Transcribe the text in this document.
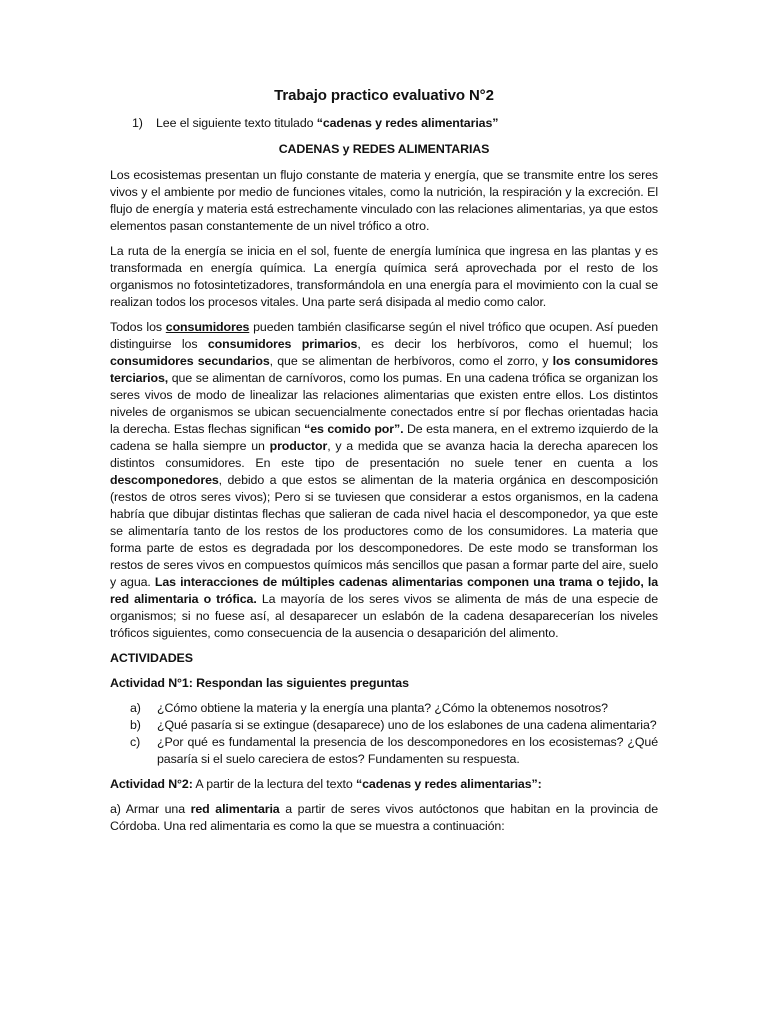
Trabajo practico evaluativo N°2
1) Lee el siguiente texto titulado “cadenas y redes alimentarias”
CADENAS y REDES ALIMENTARIAS

Los ecosistemas presentan un flujo constante de materia y energía, que se transmite entre los seres vivos y el ambiente por medio de funciones vitales, como la nutrición, la respiración y la excreción. El flujo de energía y materia está estrechamente vinculado con las relaciones alimentarias, ya que estos elementos pasan constantemente de un nivel trófico a otro.

La ruta de la energía se inicia en el sol, fuente de energía lumínica que ingresa en las plantas y es transformada en energía química. La energía química será aprovechada por el resto de los organismos no fotosintetizadores, transformándola en una energía para el movimiento con la cual se realizan todos los procesos vitales. Una parte será disipada al medio como calor.

Todos los consumidores pueden también clasificarse según el nivel trófico que ocupen. Así pueden distinguirse los consumidores primarios, es decir los herbívoros, como el huemul; los consumidores secundarios, que se alimentan de herbívoros, como el zorro, y los consumidores terciarios, que se alimentan de carnívoros, como los pumas. En una cadena trófica se organizan los seres vivos de modo de linealizar las relaciones alimentarias que existen entre ellos. Los distintos niveles de organismos se ubican secuencialmente conectados entre sí por flechas orientadas hacia la derecha. Estas flechas significan “es comido por”. De esta manera, en el extremo izquierdo de la cadena se halla siempre un productor, y a medida que se avanza hacia la derecha aparecen los distintos consumidores. En este tipo de presentación no suele tener en cuenta a los descomponedores, debido a que estos se alimentan de la materia orgánica en descomposición (restos de otros seres vivos); Pero si se tuviesen que considerar a estos organismos, en la cadena habría que dibujar distintas flechas que salieran de cada nivel hacia el descomponedor, ya que este se alimentaría tanto de los restos de los productores como de los consumidores. La materia que forma parte de estos es degradada por los descomponedores. De este modo se transforman los restos de seres vivos en compuestos químicos más sencillos que pasan a formar parte del aire, suelo y agua. Las interacciones de múltiples cadenas alimentarias componen una trama o tejido, la red alimentaria o trófica. La mayoría de los seres vivos se alimenta de más de una especie de organismos; si no fuese así, al desaparecer un eslabón de la cadena desaparecerían los niveles tróficos siguientes, como consecuencia de la ausencia o desaparición del alimento.

ACTIVIDADES
Actividad N°1: Respondan las siguientes preguntas
a) ¿Cómo obtiene la materia y la energía una planta? ¿Cómo la obtenemos nosotros?
b) ¿Qué pasaría si se extingue (desaparece) uno de los eslabones de una cadena alimentaria?
c) ¿Por qué es fundamental la presencia de los descomponedores en los ecosistemas? ¿Qué pasaría si el suelo careciera de estos? Fundamenten su respuesta.

Actividad N°2: A partir de la lectura del texto “cadenas y redes alimentarias”:

a) Armar una red alimentaria a partir de seres vivos autóctonos que habitan en la provincia de Córdoba. Una red alimentaria es como la que se muestra a continuación:
